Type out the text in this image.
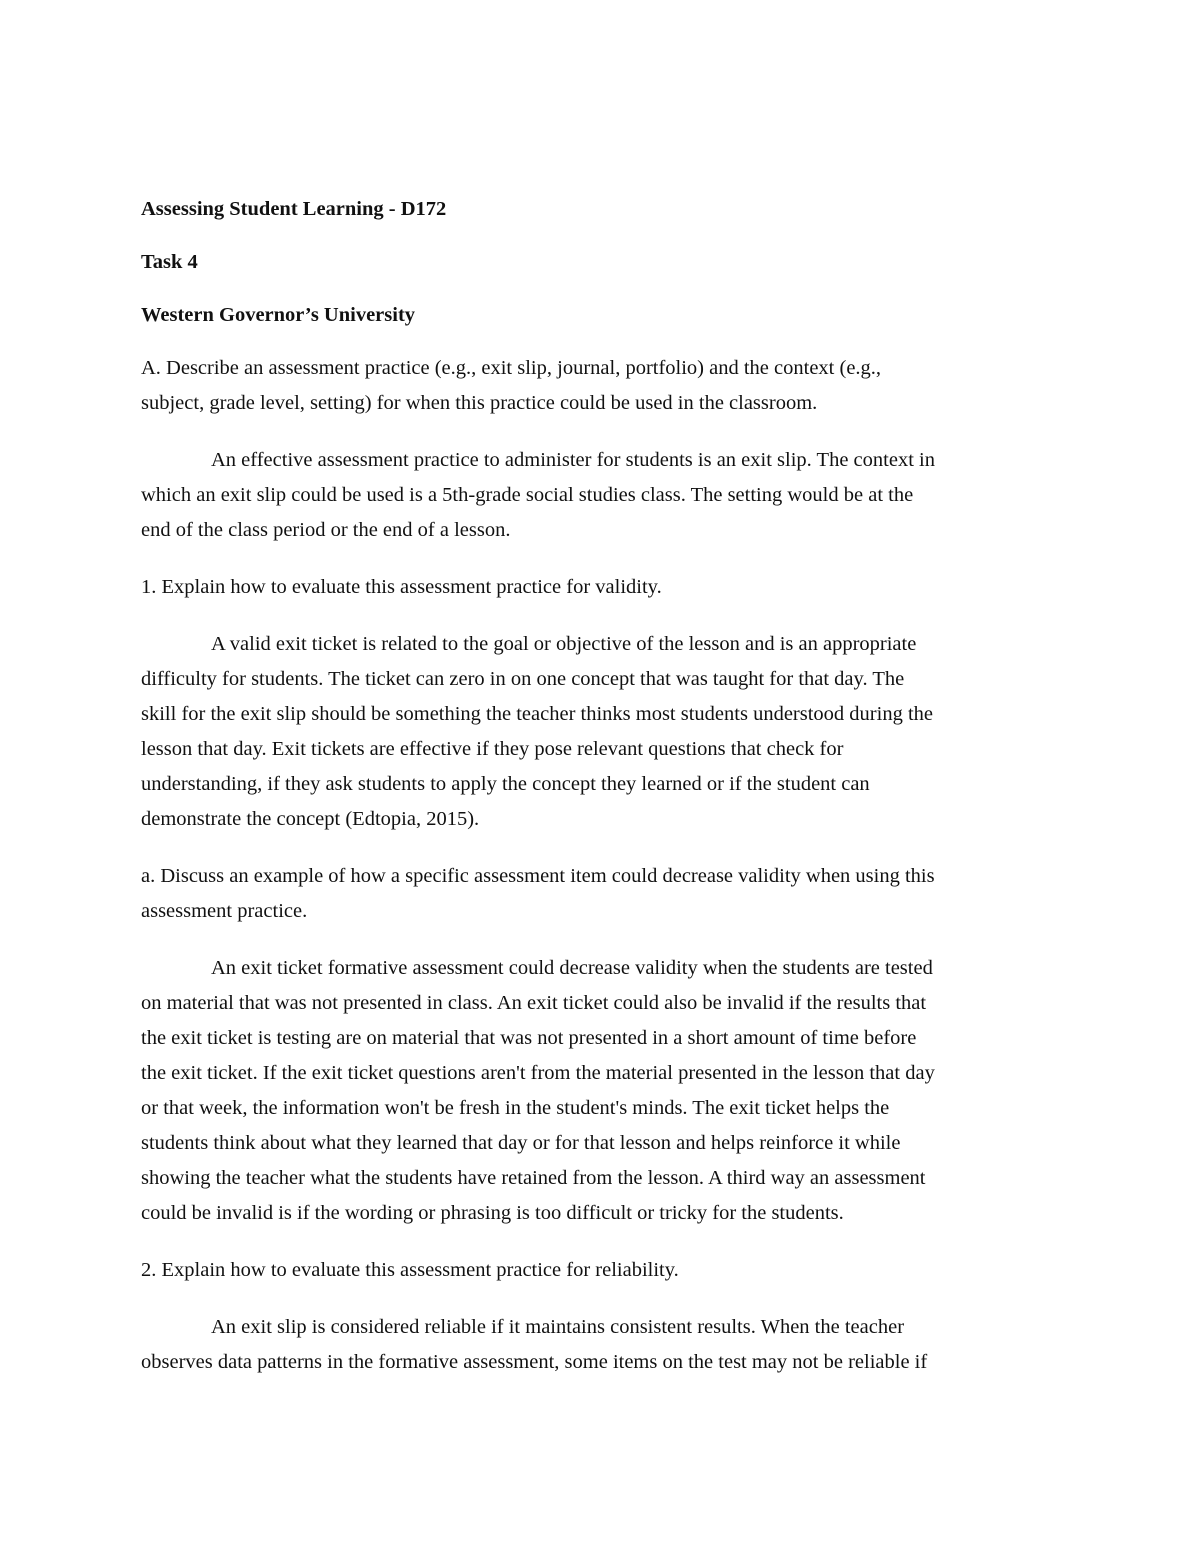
Assessing Student Learning - D172
Task 4
Western Governor’s University
A. Describe an assessment practice (e.g., exit slip, journal, portfolio) and the context (e.g.,
subject, grade level, setting) for when this practice could be used in the classroom.
An effective assessment practice to administer for students is an exit slip. The context in
which an exit slip could be used is a 5th-grade social studies class. The setting would be at the
end of the class period or the end of a lesson.
1. Explain how to evaluate this assessment practice for validity.
A valid exit ticket is related to the goal or objective of the lesson and is an appropriate
difficulty for students. The ticket can zero in on one concept that was taught for that day. The
skill for the exit slip should be something the teacher thinks most students understood during the
lesson that day. Exit tickets are effective if they pose relevant questions that check for
understanding, if they ask students to apply the concept they learned or if the student can
demonstrate the concept (Edtopia, 2015).
a. Discuss an example of how a specific assessment item could decrease validity when using this
assessment practice.
An exit ticket formative assessment could decrease validity when the students are tested
on material that was not presented in class. An exit ticket could also be invalid if the results that
the exit ticket is testing are on material that was not presented in a short amount of time before
the exit ticket. If the exit ticket questions aren't from the material presented in the lesson that day
or that week, the information won't be fresh in the student's minds. The exit ticket helps the
students think about what they learned that day or for that lesson and helps reinforce it while
showing the teacher what the students have retained from the lesson. A third way an assessment
could be invalid is if the wording or phrasing is too difficult or tricky for the students.
2. Explain how to evaluate this assessment practice for reliability.
An exit slip is considered reliable if it maintains consistent results. When the teacher
observes data patterns in the formative assessment, some items on the test may not be reliable if
